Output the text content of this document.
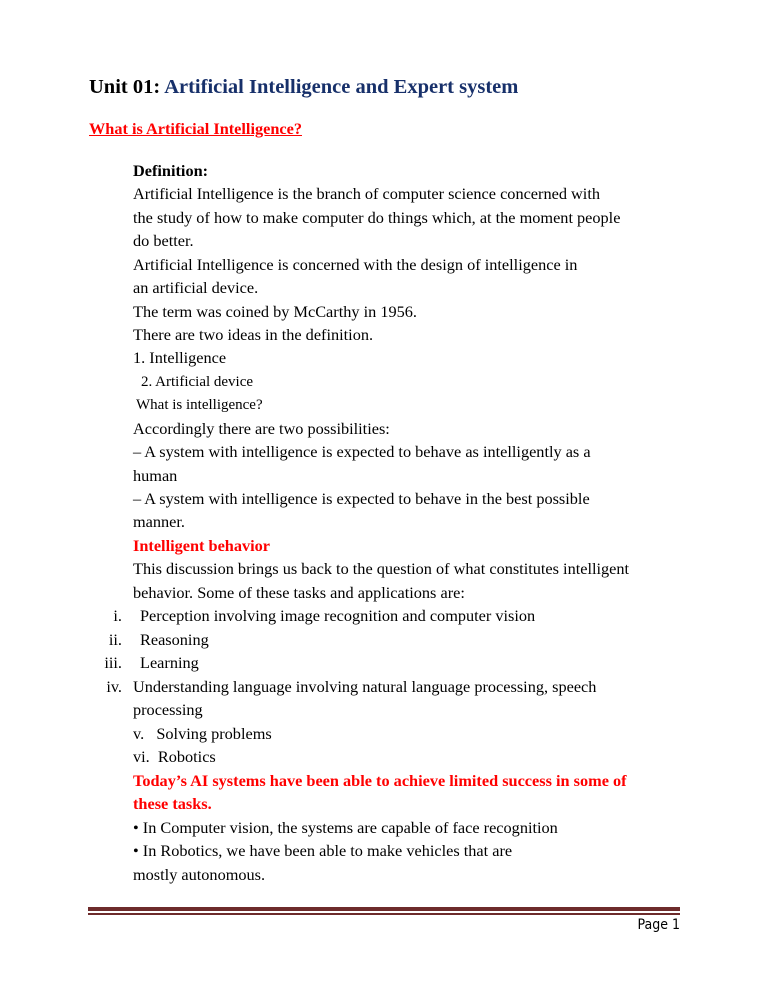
Unit 01: Artificial Intelligence and Expert system
What is Artificial Intelligence?
Definition:
Artificial Intelligence is the branch of computer science concerned with
the study of how to make computer do things which, at the moment people
do better.
Artificial Intelligence is concerned with the design of intelligence in
an artificial device.
The term was coined by McCarthy in 1956.
There are two ideas in the definition.
1. Intelligence
2. Artificial device
What is intelligence?
Accordingly there are two possibilities:
– A system with intelligence is expected to behave as intelligently as a
human
– A system with intelligence is expected to behave in the best possible
manner.
Intelligent behavior
This discussion brings us back to the question of what constitutes intelligent
behavior. Some of these tasks and applications are:
i. Perception involving image recognition and computer vision
ii. Reasoning
iii. Learning
iv. Understanding language involving natural language processing, speech
processing
v.   Solving problems
vi.  Robotics
Today’s AI systems have been able to achieve limited success in some of
these tasks.
• In Computer vision, the systems are capable of face recognition
• In Robotics, we have been able to make vehicles that are
mostly autonomous.
Page 1
